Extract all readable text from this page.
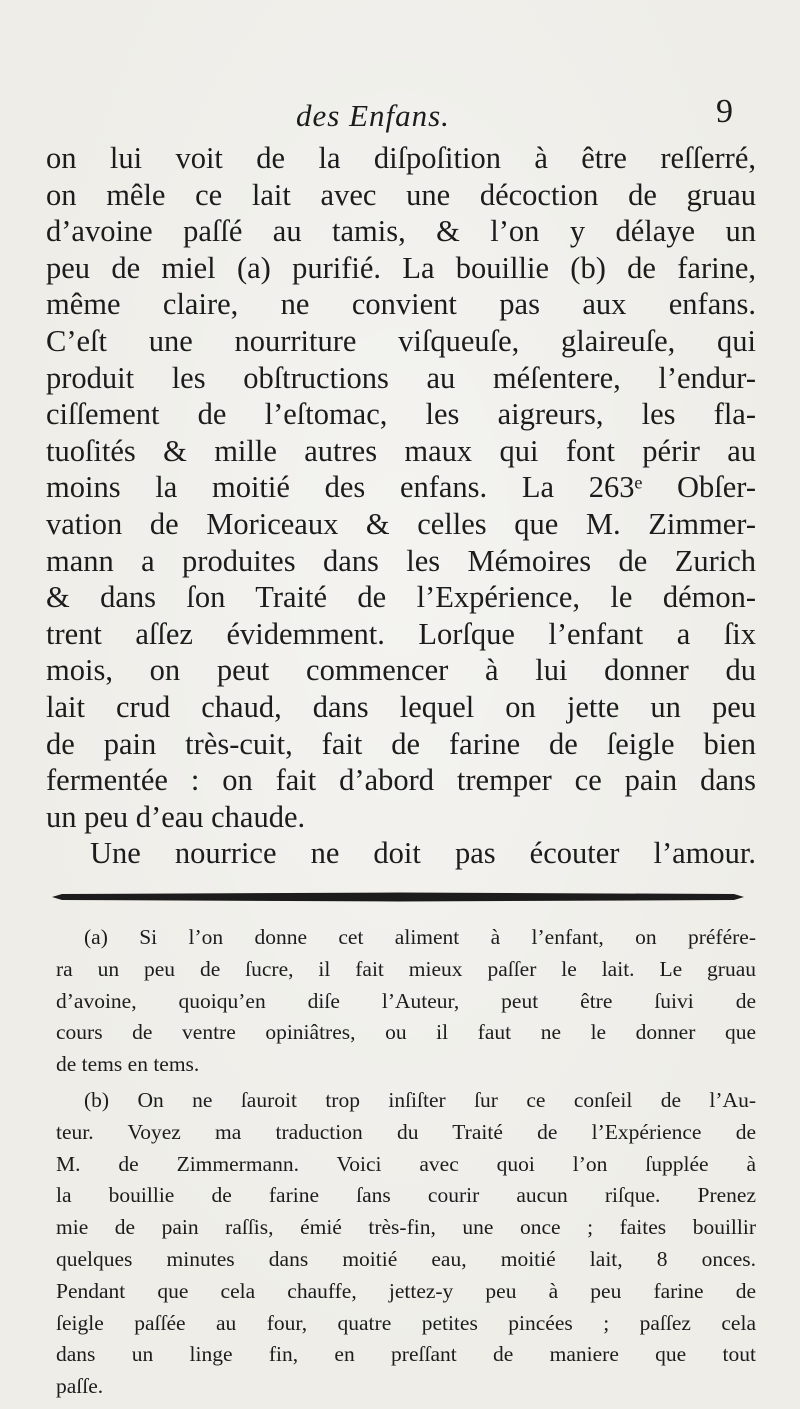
des Enfans.	9
on lui voit de la diſpoſition à être reſſerré,
on mêle ce lait avec une décoction de gruau
d’avoine paſſé au tamis, & l’on y délaye un
peu de miel (a) purifié. La bouillie (b) de farine,
même claire, ne convient pas aux enfans.
C’eſt une nourriture viſqueuſe, glaireuſe, qui
produit les obſtructions au méſentere, l’endur-
ciſſement de l’eſtomac, les aigreurs, les fla-
tuoſités & mille autres maux qui font périr au
moins la moitié des enfans. La 263ᵉ Obſer-
vation de Moriceaux & celles que M. Zimmer-
mann a produites dans les Mémoires de Zurich
& dans ſon Traité de l’Expérience, le démon-
trent aſſez évidemment. Lorſque l’enfant a ſix
mois, on peut commencer à lui donner du
lait crud chaud, dans lequel on jette un peu
de pain très-cuit, fait de farine de ſeigle bien
fermentée : on fait d’abord tremper ce pain dans
un peu d’eau chaude.
Une nourrice ne doit pas écouter l’amour.
(a) Si l’on donne cet aliment à l’enfant, on préfére-
ra un peu de ſucre, il fait mieux paſſer le lait. Le gruau
d’avoine, quoiqu’en diſe l’Auteur, peut être ſuivi de
cours de ventre opiniâtres, ou il faut ne le donner que
de tems en tems.
(b) On ne ſauroit trop inſiſter ſur ce conſeil de l’Au-
teur. Voyez ma traduction du Traité de l’Expérience de
M. de Zimmermann. Voici avec quoi l’on ſupplée à
la bouillie de farine ſans courir aucun riſque. Prenez
mie de pain raſſis, émié très-fin, une once ; faites bouillir
quelques minutes dans moitié eau, moitié lait, 8 onces.
Pendant que cela chauffe, jettez-y peu à peu farine de
ſeigle paſſée au four, quatre petites pincées ; paſſez cela
dans un linge fin, en preſſant de maniere que tout
paſſe.
